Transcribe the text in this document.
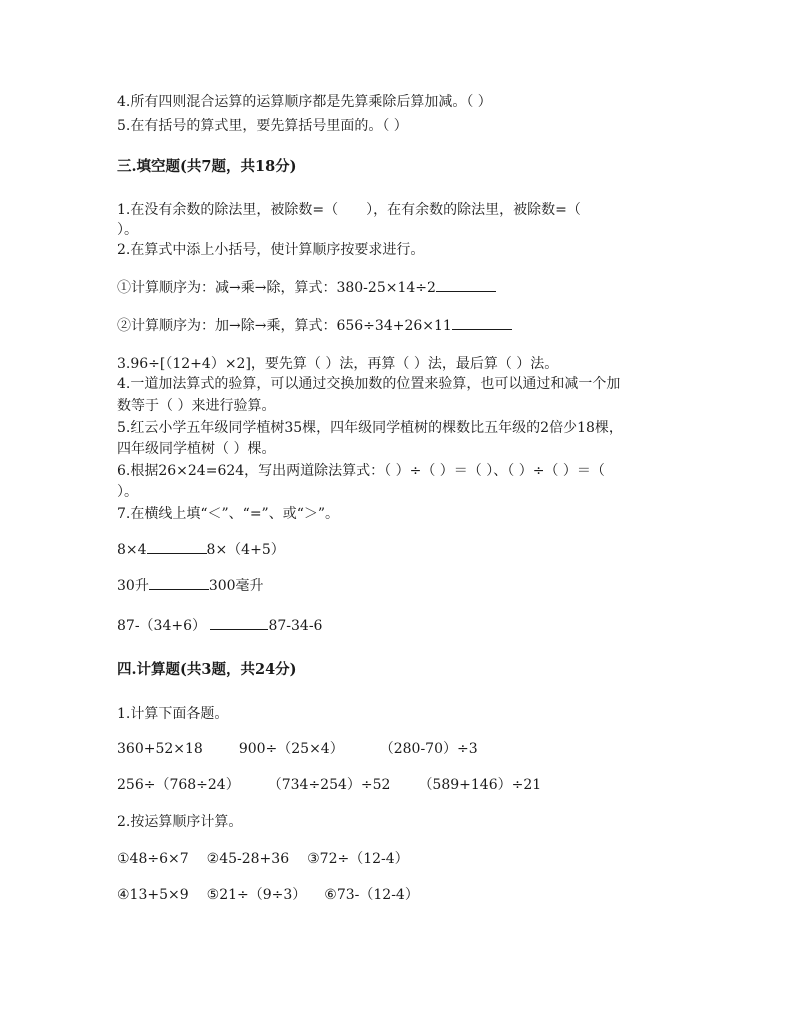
4.所有四则混合运算的运算顺序都是先算乘除后算加减。（ ）
5.在有括号的算式里，要先算括号里面的。（ ）
三.填空题(共7题，共18分)
1.在没有余数的除法里，被除数=（　　），在有余数的除法里，被除数=（
）。
2.在算式中添上小括号，使计算顺序按要求进行。
①计算顺序为：减→乘→除，算式：380-25×14÷2
②计算顺序为：加→除→乘，算式：656÷34+26×11
3.96÷[（12+4）×2]，要先算（ ）法，再算（ ）法，最后算（ ）法。
4.一道加法算式的验算，可以通过交换加数的位置来验算，也可以通过和减一个加
数等于（ ）来进行验算。
5.红云小学五年级同学植树35棵，四年级同学植树的棵数比五年级的2倍少18棵，
四年级同学植树（ ）棵。
6.根据26×24=624，写出两道除法算式：（ ）÷（ ）＝（ ）、（ ）÷（ ）＝（
）。
7.在横线上填“＜”、“=”、或“＞”。
8×4	8×（4+5）
30升	300毫升
87-（34+6）	87-34-6
四.计算题(共3题，共24分)
1.计算下面各题。
360+52×18	900÷（25×4）	（280-70）÷3
256÷（768÷24） （734÷254）÷52 （589+146）÷21
2.按运算顺序计算。
①48÷6×7 ②45-28+36 ③72÷（12-4）
④13+5×9 ⑤21÷（9÷3） ⑥73-（12-4）
